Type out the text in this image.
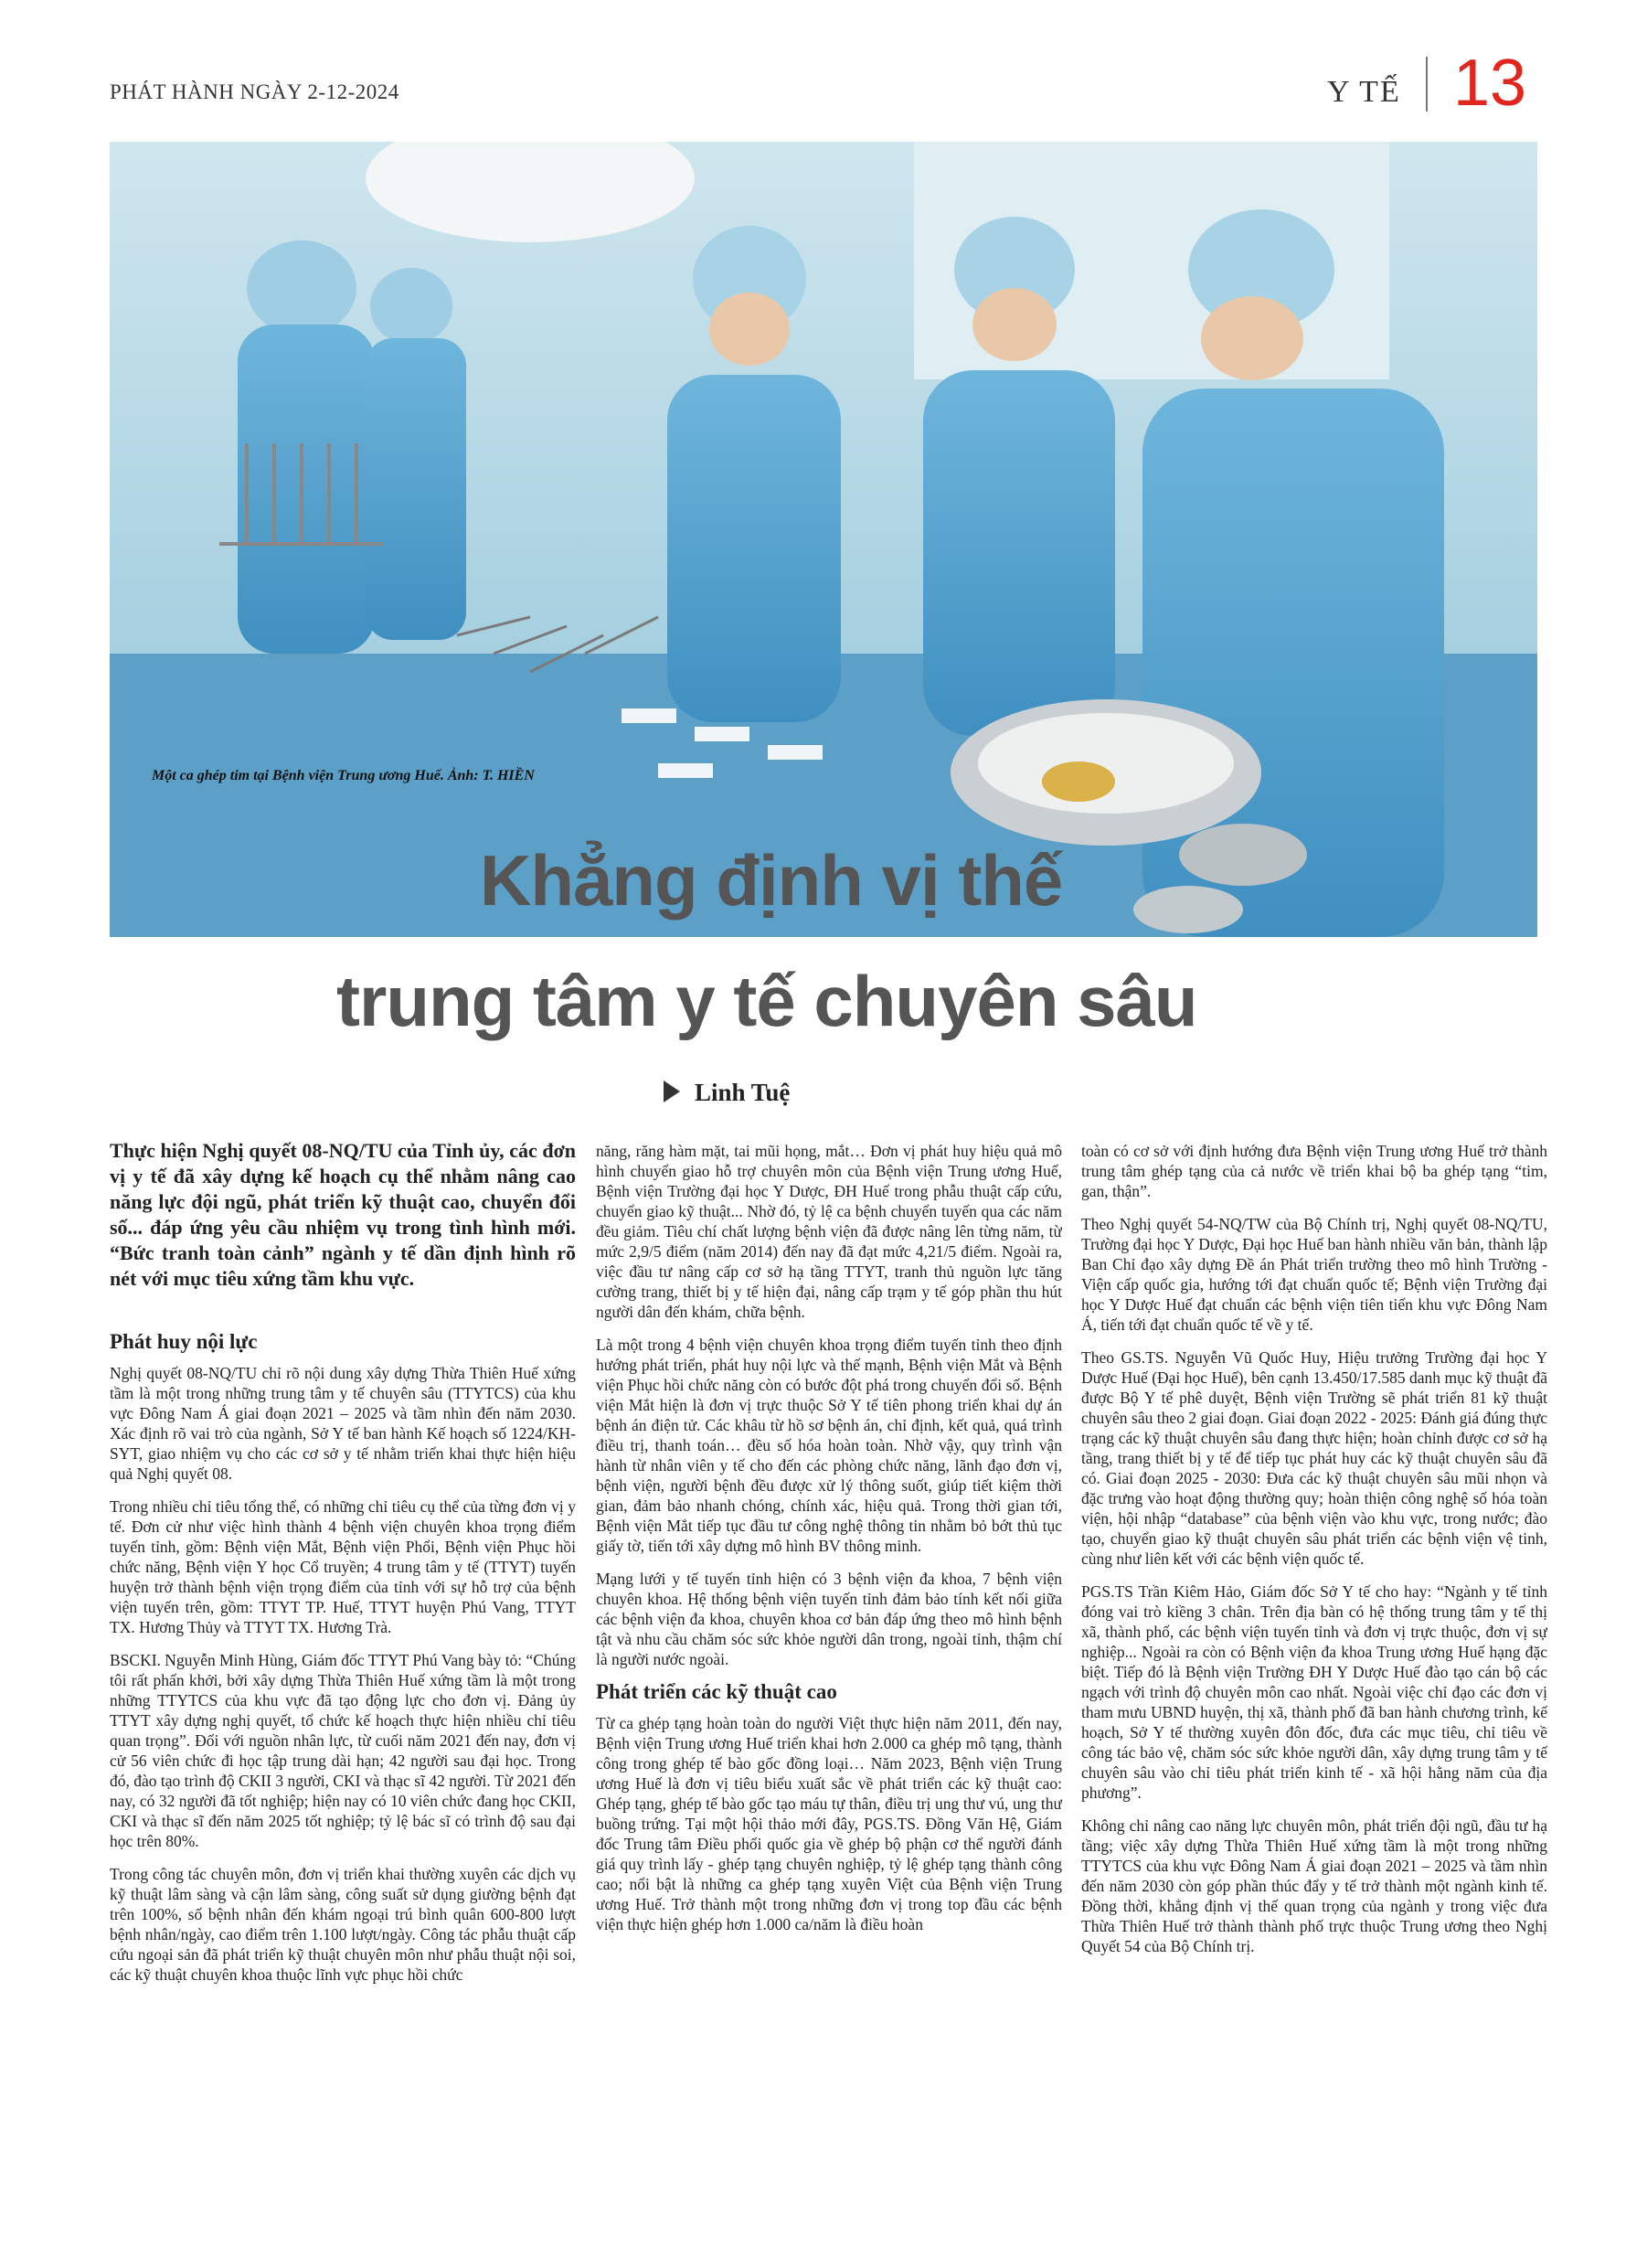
PHÁT HÀNH NGÀY 2-12-2024	Y TẾ 13
Một ca ghép tim tại Bệnh viện Trung ương Huế. Ảnh: T. HIỀN
Khẳng định vị thế
trung tâm y tế chuyên sâu
Linh Tuệ

Thực hiện Nghị quyết 08-NQ/TU của Tỉnh ủy, các đơn vị y tế đã xây dựng kế hoạch cụ thể nhằm nâng cao năng lực đội ngũ, phát triển kỹ thuật cao, chuyển đổi số... đáp ứng yêu cầu nhiệm vụ trong tình hình mới. “Bức tranh toàn cảnh” ngành y tế dần định hình rõ nét với mục tiêu xứng tầm khu vực.

Phát huy nội lực

Nghị quyết 08-NQ/TU chỉ rõ nội dung xây dựng Thừa Thiên Huế xứng tầm là một trong những trung tâm y tế chuyên sâu (TTYTCS) của khu vực Đông Nam Á giai đoạn 2021 – 2025 và tầm nhìn đến năm 2030. Xác định rõ vai trò của ngành, Sở Y tế ban hành Kế hoạch số 1224/KH-SYT, giao nhiệm vụ cho các cơ sở y tế nhằm triển khai thực hiện hiệu quả Nghị quyết 08.

Trong nhiều chỉ tiêu tổng thể, có những chỉ tiêu cụ thể của từng đơn vị y tế. Đơn cử như việc hình thành 4 bệnh viện chuyên khoa trọng điểm tuyến tỉnh, gồm: Bệnh viện Mắt, Bệnh viện Phổi, Bệnh viện Phục hồi chức năng, Bệnh viện Y học Cổ truyền; 4 trung tâm y tế (TTYT) tuyến huyện trở thành bệnh viện trọng điểm của tỉnh với sự hỗ trợ của bệnh viện tuyến trên, gồm: TTYT TP. Huế, TTYT huyện Phú Vang, TTYT TX. Hương Thủy và TTYT TX. Hương Trà.

BSCKI. Nguyễn Minh Hùng, Giám đốc TTYT Phú Vang bày tỏ: “Chúng tôi rất phấn khởi, bởi xây dựng Thừa Thiên Huế xứng tầm là một trong những TTYTCS của khu vực đã tạo động lực cho đơn vị. Đảng ủy TTYT xây dựng nghị quyết, tổ chức kế hoạch thực hiện nhiều chỉ tiêu quan trọng”. Đối với nguồn nhân lực, từ cuối năm 2021 đến nay, đơn vị cử 56 viên chức đi học tập trung dài hạn; 42 người sau đại học. Trong đó, đào tạo trình độ CKII 3 người, CKI và thạc sĩ 42 người. Từ 2021 đến nay, có 32 người đã tốt nghiệp; hiện nay có 10 viên chức đang học CKII, CKI và thạc sĩ đến năm 2025 tốt nghiệp; tỷ lệ bác sĩ có trình độ sau đại học trên 80%.

Trong công tác chuyên môn, đơn vị triển khai thường xuyên các dịch vụ kỹ thuật lâm sàng và cận lâm sàng, công suất sử dụng giường bệnh đạt trên 100%, số bệnh nhân đến khám ngoại trú bình quân 600-800 lượt bệnh nhân/ngày, cao điểm trên 1.100 lượt/ngày. Công tác phẫu thuật cấp cứu ngoại sản đã phát triển kỹ thuật chuyên môn như phẫu thuật nội soi, các kỹ thuật chuyên khoa thuộc lĩnh vực phục hồi chức

năng, răng hàm mặt, tai mũi họng, mắt… Đơn vị phát huy hiệu quả mô hình chuyển giao hỗ trợ chuyên môn của Bệnh viện Trung ương Huế, Bệnh viện Trường đại học Y Dược, ĐH Huế trong phẫu thuật cấp cứu, chuyển giao kỹ thuật... Nhờ đó, tỷ lệ ca bệnh chuyển tuyến qua các năm đều giảm. Tiêu chí chất lượng bệnh viện đã được nâng lên từng năm, từ mức 2,9/5 điểm (năm 2014) đến nay đã đạt mức 4,21/5 điểm. Ngoài ra, việc đầu tư nâng cấp cơ sở hạ tầng TTYT, tranh thủ nguồn lực tăng cường trang, thiết bị y tế hiện đại, nâng cấp trạm y tế góp phần thu hút người dân đến khám, chữa bệnh.

Là một trong 4 bệnh viện chuyên khoa trọng điểm tuyến tỉnh theo định hướng phát triển, phát huy nội lực và thế mạnh, Bệnh viện Mắt và Bệnh viện Phục hồi chức năng còn có bước đột phá trong chuyển đổi số. Bệnh viện Mắt hiện là đơn vị trực thuộc Sở Y tế tiên phong triển khai dự án bệnh án điện tử. Các khâu từ hồ sơ bệnh án, chỉ định, kết quả, quá trình điều trị, thanh toán… đều số hóa hoàn toàn. Nhờ vậy, quy trình vận hành từ nhân viên y tế cho đến các phòng chức năng, lãnh đạo đơn vị, bệnh viện, người bệnh đều được xử lý thông suốt, giúp tiết kiệm thời gian, đảm bảo nhanh chóng, chính xác, hiệu quả. Trong thời gian tới, Bệnh viện Mắt tiếp tục đầu tư công nghệ thông tin nhằm bỏ bớt thủ tục giấy tờ, tiến tới xây dựng mô hình BV thông minh.

Mạng lưới y tế tuyến tỉnh hiện có 3 bệnh viện đa khoa, 7 bệnh viện chuyên khoa. Hệ thống bệnh viện tuyến tỉnh đảm bảo tính kết nối giữa các bệnh viện đa khoa, chuyên khoa cơ bản đáp ứng theo mô hình bệnh tật và nhu cầu chăm sóc sức khỏe người dân trong, ngoài tỉnh, thậm chí là người nước ngoài.

Phát triển các kỹ thuật cao

Từ ca ghép tạng hoàn toàn do người Việt thực hiện năm 2011, đến nay, Bệnh viện Trung ương Huế triển khai hơn 2.000 ca ghép mô tạng, thành công trong ghép tế bào gốc đồng loại… Năm 2023, Bệnh viện Trung ương Huế là đơn vị tiêu biểu xuất sắc về phát triển các kỹ thuật cao: Ghép tạng, ghép tế bào gốc tạo máu tự thân, điều trị ung thư vú, ung thư buồng trứng. Tại một hội thảo mới đây, PGS.TS. Đồng Văn Hệ, Giám đốc Trung tâm Điều phối quốc gia về ghép bộ phận cơ thể người đánh giá quy trình lấy - ghép tạng chuyên nghiệp, tỷ lệ ghép tạng thành công cao; nổi bật là những ca ghép tạng xuyên Việt của Bệnh viện Trung ương Huế. Trở thành một trong những đơn vị trong top đầu các bệnh viện thực hiện ghép hơn 1.000 ca/năm là điều hoàn

toàn có cơ sở với định hướng đưa Bệnh viện Trung ương Huế trở thành trung tâm ghép tạng của cả nước về triển khai bộ ba ghép tạng “tim, gan, thận”.

Theo Nghị quyết 54-NQ/TW của Bộ Chính trị, Nghị quyết 08-NQ/TU, Trường đại học Y Dược, Đại học Huế ban hành nhiều văn bản, thành lập Ban Chỉ đạo xây dựng Đề án Phát triển trường theo mô hình Trường - Viện cấp quốc gia, hướng tới đạt chuẩn quốc tế; Bệnh viện Trường đại học Y Dược Huế đạt chuẩn các bệnh viện tiên tiến khu vực Đông Nam Á, tiến tới đạt chuẩn quốc tế về y tế.

Theo GS.TS. Nguyễn Vũ Quốc Huy, Hiệu trưởng Trường đại học Y Dược Huế (Đại học Huế), bên cạnh 13.450/17.585 danh mục kỹ thuật đã được Bộ Y tế phê duyệt, Bệnh viện Trường sẽ phát triển 81 kỹ thuật chuyên sâu theo 2 giai đoạn. Giai đoạn 2022 - 2025: Đánh giá đúng thực trạng các kỹ thuật chuyên sâu đang thực hiện; hoàn chỉnh được cơ sở hạ tầng, trang thiết bị y tế để tiếp tục phát huy các kỹ thuật chuyên sâu đã có. Giai đoạn 2025 - 2030: Đưa các kỹ thuật chuyên sâu mũi nhọn và đặc trưng vào hoạt động thường quy; hoàn thiện công nghệ số hóa toàn viện, hội nhập “database” của bệnh viện vào khu vực, trong nước; đào tạo, chuyển giao kỹ thuật chuyên sâu phát triển các bệnh viện vệ tinh, cùng như liên kết với các bệnh viện quốc tế.

PGS.TS Trần Kiêm Hảo, Giám đốc Sở Y tế cho hay: “Ngành y tế tỉnh đóng vai trò kiềng 3 chân. Trên địa bàn có hệ thống trung tâm y tế thị xã, thành phố, các bệnh viện tuyến tỉnh và đơn vị trực thuộc, đơn vị sự nghiệp... Ngoài ra còn có Bệnh viện đa khoa Trung ương Huế hạng đặc biệt. Tiếp đó là Bệnh viện Trường ĐH Y Dược Huế đào tạo cán bộ các ngạch với trình độ chuyên môn cao nhất. Ngoài việc chỉ đạo các đơn vị tham mưu UBND huyện, thị xã, thành phố đã ban hành chương trình, kế hoạch, Sở Y tế thường xuyên đôn đốc, đưa các mục tiêu, chỉ tiêu về công tác bảo vệ, chăm sóc sức khỏe người dân, xây dựng trung tâm y tế chuyên sâu vào chỉ tiêu phát triển kinh tế - xã hội hằng năm của địa phương”.

Không chỉ nâng cao năng lực chuyên môn, phát triển đội ngũ, đầu tư hạ tầng; việc xây dựng Thừa Thiên Huế xứng tầm là một trong những TTYTCS của khu vực Đông Nam Á giai đoạn 2021 – 2025 và tầm nhìn đến năm 2030 còn góp phần thúc đẩy y tế trở thành một ngành kinh tế. Đồng thời, khẳng định vị thế quan trọng của ngành y trong việc đưa Thừa Thiên Huế trở thành thành phố trực thuộc Trung ương theo Nghị Quyết 54 của Bộ Chính trị.
